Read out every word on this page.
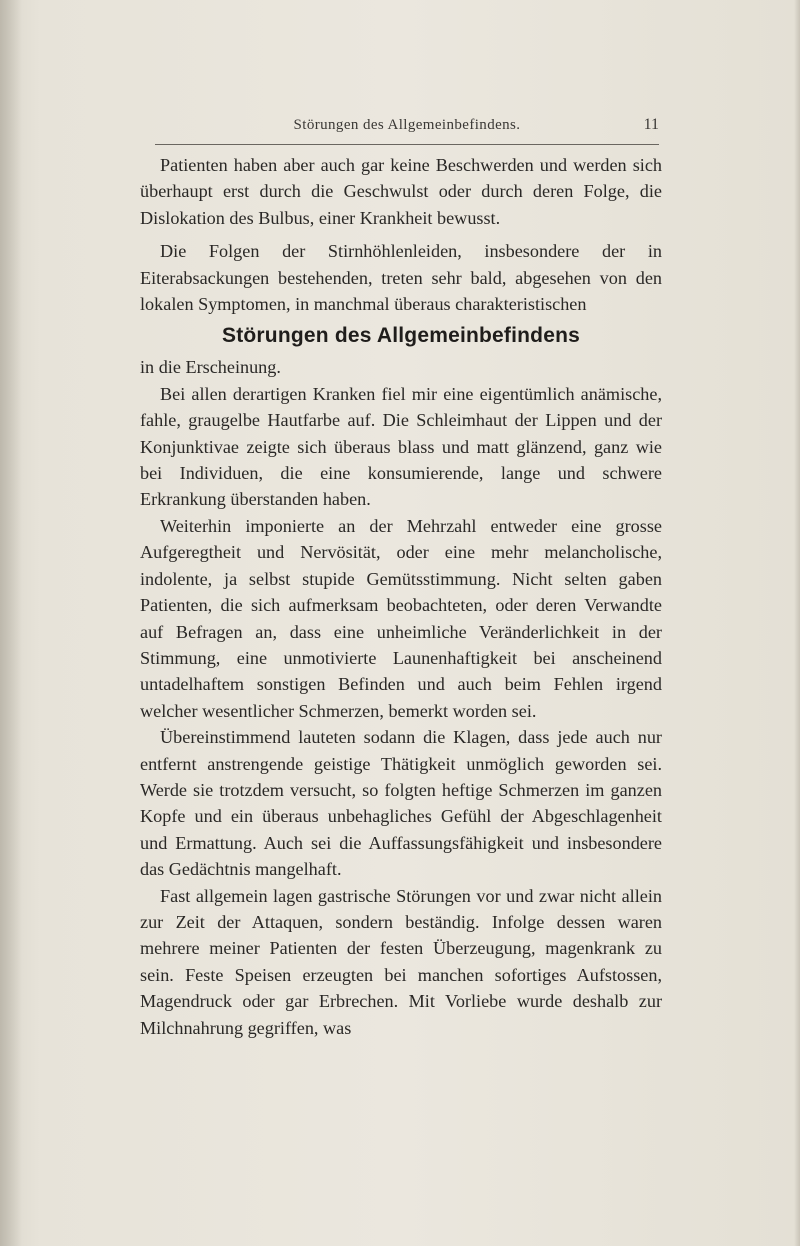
Störungen des Allgemeinbefindens.	11

Patienten haben aber auch gar keine Beschwerden und werden sich überhaupt erst durch die Geschwulst oder durch deren Folge, die Dislokation des Bulbus, einer Krankheit bewusst.

Die Folgen der Stirnhöhlenleiden, insbesondere der in Eiterabsackungen bestehenden, treten sehr bald, abgesehen von den lokalen Symptomen, in manchmal überaus charakteristischen

Störungen des Allgemeinbefindens

in die Erscheinung.

Bei allen derartigen Kranken fiel mir eine eigentümlich anämische, fahle, graugelbe Hautfarbe auf. Die Schleimhaut der Lippen und der Konjunktivae zeigte sich überaus blass und matt glänzend, ganz wie bei Individuen, die eine konsumierende, lange und schwere Erkrankung überstanden haben.

Weiterhin imponierte an der Mehrzahl entweder eine grosse Aufgeregtheit und Nervösität, oder eine mehr melancholische, indolente, ja selbst stupide Gemütsstimmung. Nicht selten gaben Patienten, die sich aufmerksam beobachteten, oder deren Verwandte auf Befragen an, dass eine unheimliche Veränderlichkeit in der Stimmung, eine unmotivierte Launenhaftigkeit bei anscheinend untadelhaftem sonstigen Befinden und auch beim Fehlen irgend welcher wesentlicher Schmerzen, bemerkt worden sei.

Übereinstimmend lauteten sodann die Klagen, dass jede auch nur entfernt anstrengende geistige Thätigkeit unmöglich geworden sei. Werde sie trotzdem versucht, so folgten heftige Schmerzen im ganzen Kopfe und ein überaus unbehagliches Gefühl der Abgeschlagenheit und Ermattung. Auch sei die Auffassungsfähigkeit und insbesondere das Gedächtnis mangelhaft.

Fast allgemein lagen gastrische Störungen vor und zwar nicht allein zur Zeit der Attaquen, sondern beständig. Infolge dessen waren mehrere meiner Patienten der festen Überzeugung, magenkrank zu sein. Feste Speisen erzeugten bei manchen sofortiges Aufstossen, Magendruck oder gar Erbrechen. Mit Vorliebe wurde deshalb zur Milchnahrung gegriffen, was
